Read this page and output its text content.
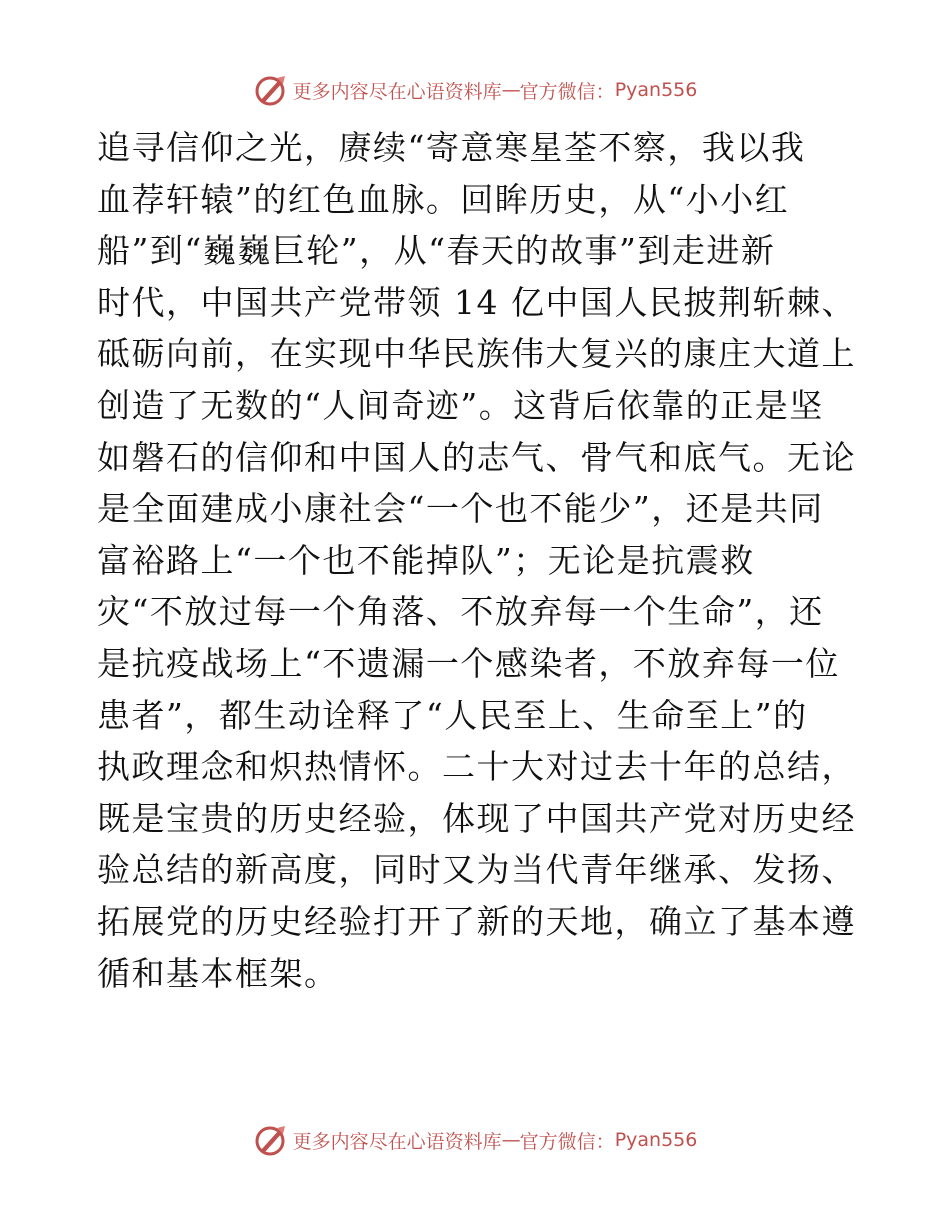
更多内容尽在心语资料库 — 官方微信： Pyan556
追寻信仰之光，赓续“寄意寒星荃不察，我以我
血荐轩辕”的红色血脉。回眸历史，从“小小红
船”到“巍巍巨轮”，从“春天的故事”到走进新
时代，中国共产党带领 14 亿中国人民披荆斩棘、
砥砺向前，在实现中华民族伟大复兴的康庄大道上
创造了无数的“人间奇迹”。这背后依靠的正是坚
如磐石的信仰和中国人的志气、骨气和底气。无论
是全面建成小康社会“一个也不能少”，还是共同
富裕路上“一个也不能掉队”；无论是抗震救
灾“不放过每一个角落、不放弃每一个生命”，还
是抗疫战场上“不遗漏一个感染者，不放弃每一位
患者”，都生动诠释了“人民至上、生命至上”的
执政理念和炽热情怀。二十大对过去十年的总结，
既是宝贵的历史经验，体现了中国共产党对历史经
验总结的新高度，同时又为当代青年继承、发扬、
拓展党的历史经验打开了新的天地，确立了基本遵
循和基本框架。
更多内容尽在心语资料库 — 官方微信： Pyan556
